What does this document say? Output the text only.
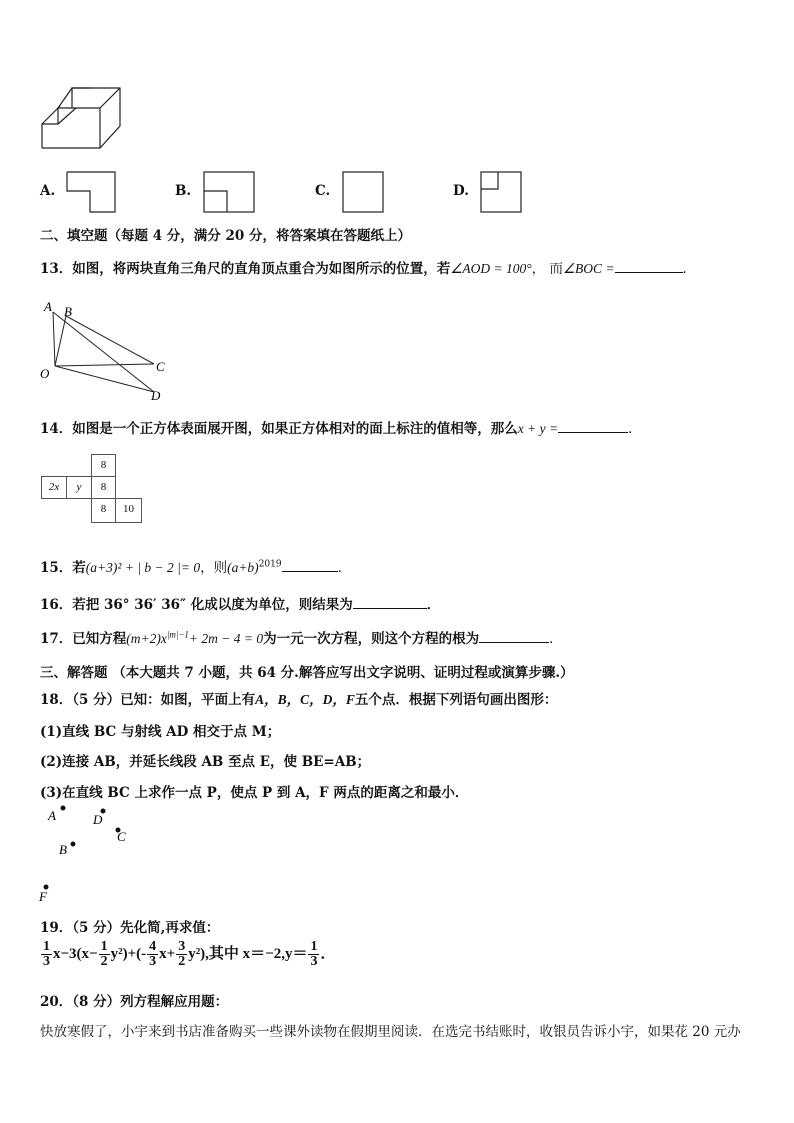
A.	B.	C.	D.
二、填空题（每题 4 分，满分 20 分，将答案填在答题纸上）
13．如图，将两块直角三角尺的直角顶点重合为如图所示的位置，若∠AOD = 100°， 而∠BOC =	．
A B
C
O
D
14．如图是一个正方体表面展开图，如果正方体相对的面上标注的值相等，那么x + y =	．
8
2x	y	8
8	10
15．若(a+3)² + | b − 2 |= 0，则$(a+b)^{2019}$	．
16．若把 36° 36′ 36″ 化成以度为单位，则结果为	．
17．已知方程$(m+2)x^{|m|-1}+ 2m - 4 = 0$为一元一次方程，则这个方程的根为	．
三、解答题 （本大题共 7 小题，共 64 分.解答应写出文字说明、证明过程或演算步骤.）
18．（5 分）已知：如图，平面上有A，B，C，D，F五个点．根据下列语句画出图形：
(1)直线 BC 与射线 AD 相交于点 M；
(2)连接 AB，并延长线段 AB 至点 E，使 BE=AB；
(3)在直线 BC 上求作一点 P，使点 P 到 A，F 两点的距离之和最小．
A	D
C
B
F
19．（5 分）先化简,再求值：
$\frac{1}{3} x-3(x- \frac{1}{2} y^2)+(- \frac{4}{3} x+ \frac{3}{2} y^2)$,其中 $x=-2,y= \frac{1}{3}$ ．
20．（8 分）列方程解应用题：
快放寒假了，小宇来到书店准备购买一些课外读物在假期里阅读．在选完书结账时，收银员告诉小宇，如果花 20 元办
